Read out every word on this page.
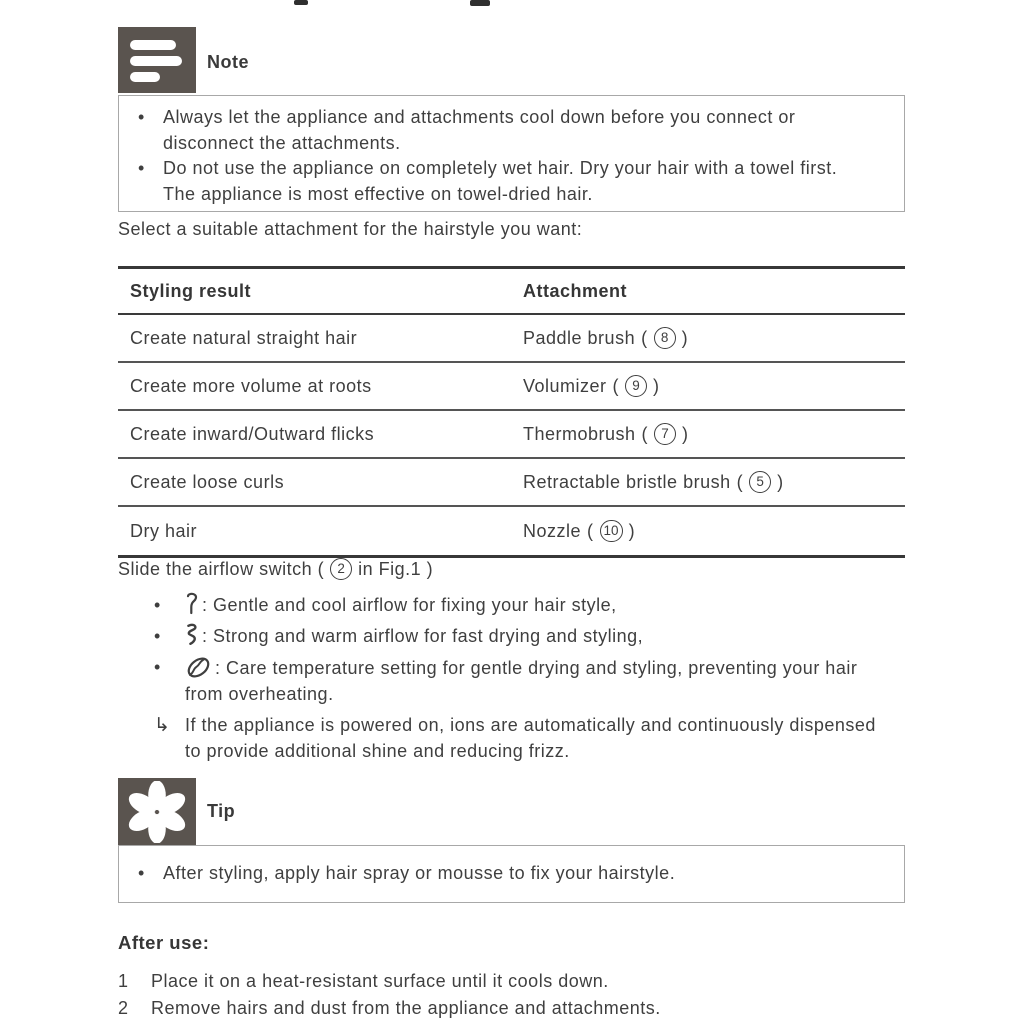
Note
•	Always let the appliance and attachments cool down before you connect or disconnect the attachments.
•	Do not use the appliance on completely wet hair. Dry your hair with a towel first. The appliance is most effective on towel-dried hair.
Select a suitable attachment for the hairstyle you want:
Styling result	Attachment
Create natural straight hair	Paddle brush ( 8 )
Create more volume at roots	Volumizer ( 9 )
Create inward/Outward flicks	Thermobrush ( 7 )
Create loose curls	Retractable bristle brush ( 5 )
Dry hair	Nozzle ( 10 )
Slide the airflow switch ( 2 in Fig.1 )
•	: Gentle and cool airflow for fixing your hair style,
•	: Strong and warm airflow for fast drying and styling,
•	: Care temperature setting for gentle drying and styling, preventing your hair from overheating.
↳ If the appliance is powered on, ions are automatically and continuously dispensed to provide additional shine and reducing frizz.
Tip
•	After styling, apply hair spray or mousse to fix your hairstyle.
After use:
1	Place it on a heat-resistant surface until it cools down.
2	Remove hairs and dust from the appliance and attachments.
